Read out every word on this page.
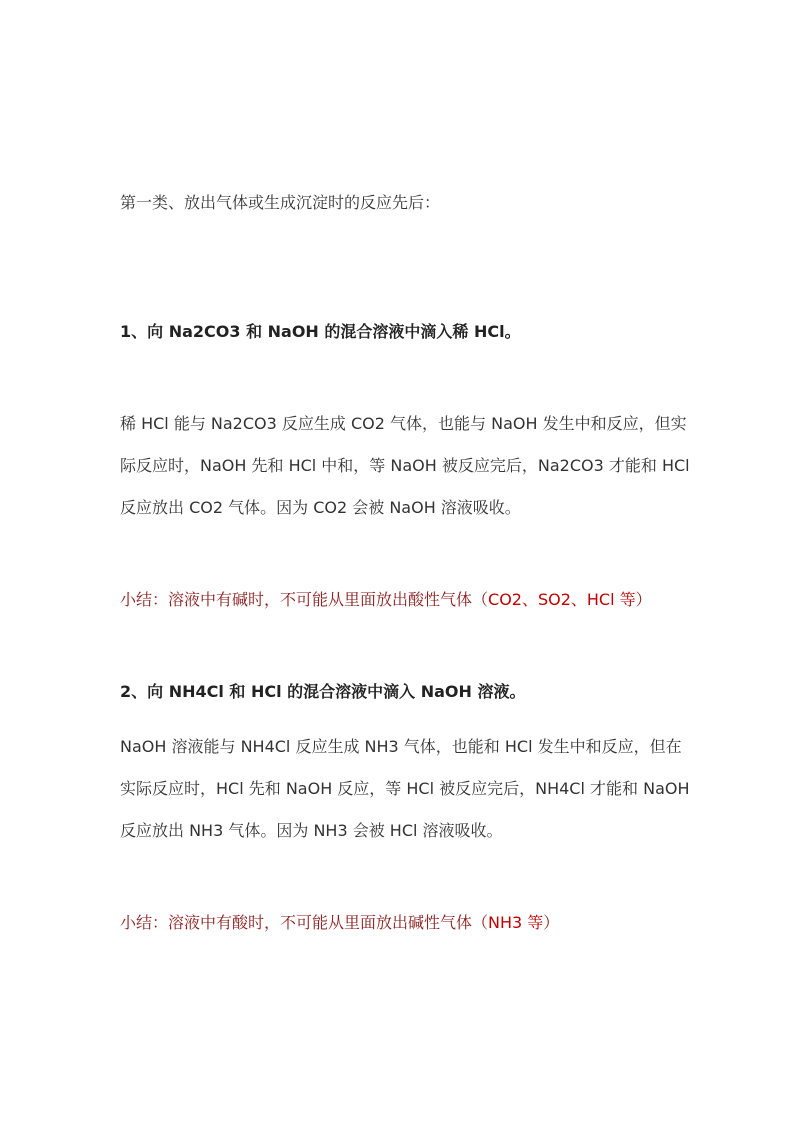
第一类、放出气体或生成沉淀时的反应先后：
1、向 Na2CO3 和 NaOH 的混合溶液中滴入稀 HCl。
稀 HCl 能与 Na2CO3 反应生成 CO2 气体，也能与 NaOH 发生中和反应，但实
际反应时，NaOH 先和 HCl 中和，等 NaOH 被反应完后，Na2CO3 才能和 HCl
反应放出 CO2 气体。因为 CO2 会被 NaOH 溶液吸收。
小结：溶液中有碱时，不可能从里面放出酸性气体（CO2、SO2、HCl 等）
2、向 NH4Cl 和 HCl 的混合溶液中滴入 NaOH 溶液。
NaOH 溶液能与 NH4Cl 反应生成 NH3 气体，也能和 HCl 发生中和反应，但在
实际反应时，HCl 先和 NaOH 反应，等 HCl 被反应完后，NH4Cl 才能和 NaOH
反应放出 NH3 气体。因为 NH3 会被 HCl 溶液吸收。
小结：溶液中有酸时，不可能从里面放出碱性气体（NH3 等）
